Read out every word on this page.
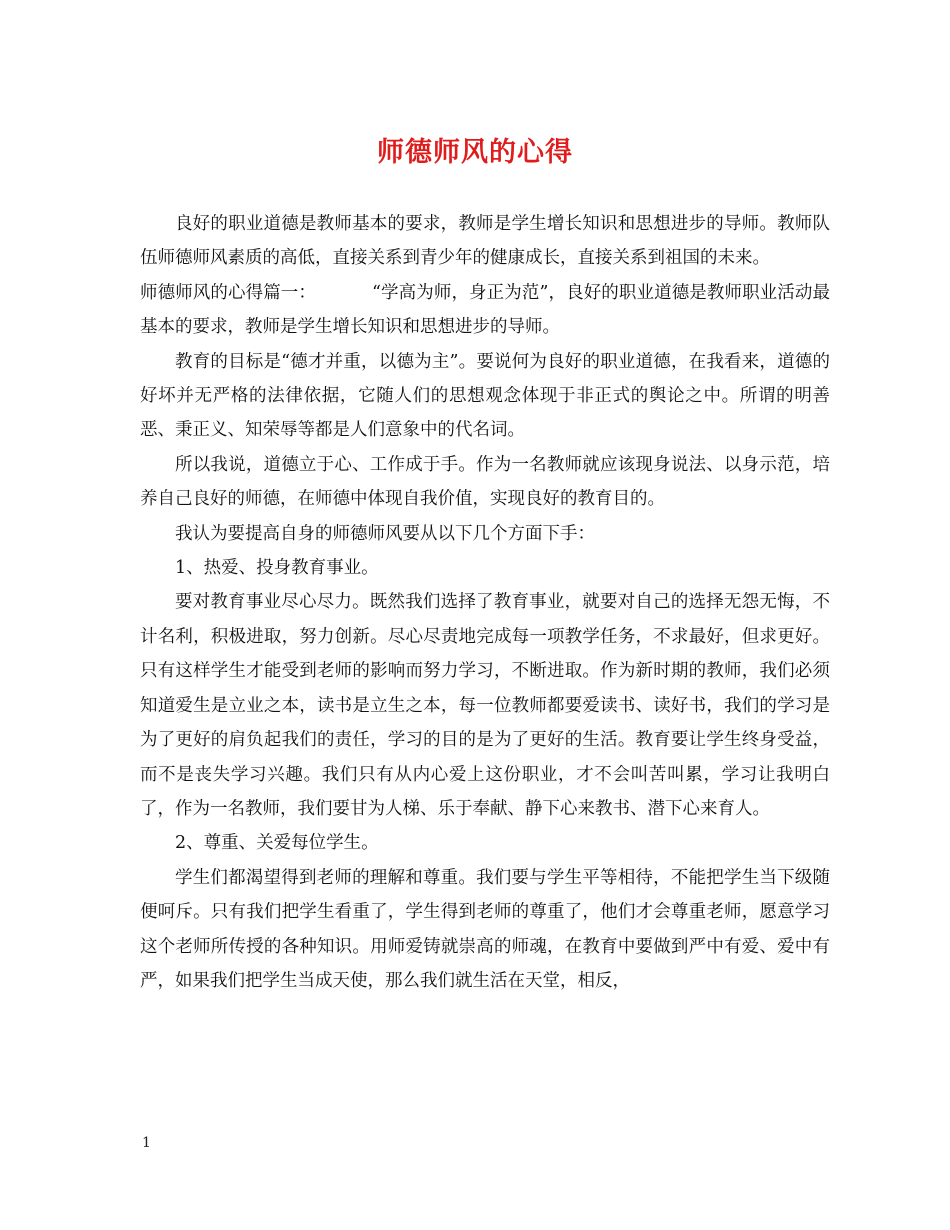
师德师风的心得

良好的职业道德是教师基本的要求，教师是学生增长知识和思想进步的导师。教师队伍师德师风素质的高低，直接关系到青少年的健康成长，直接关系到祖国的未来。

师德师风的心得篇一：	“学高为师，身正为范”，良好的职业道德是教师职业活动最基本的要求，教师是学生增长知识和思想进步的导师。

教育的目标是“德才并重，以德为主”。要说何为良好的职业道德，在我看来，道德的好坏并无严格的法律依据，它随人们的思想观念体现于非正式的舆论之中。所谓的明善恶、秉正义、知荣辱等都是人们意象中的代名词。

所以我说，道德立于心、工作成于手。作为一名教师就应该现身说法、以身示范，培养自己良好的师德，在师德中体现自我价值，实现良好的教育目的。

我认为要提高自身的师德师风要从以下几个方面下手：

1、热爱、投身教育事业。

要对教育事业尽心尽力。既然我们选择了教育事业，就要对自己的选择无怨无悔，不计名利，积极进取，努力创新。尽心尽责地完成每一项教学任务，不求最好，但求更好。只有这样学生才能受到老师的影响而努力学习，不断进取。作为新时期的教师，我们必须知道爱生是立业之本，读书是立生之本，每一位教师都要爱读书、读好书，我们的学习是为了更好的肩负起我们的责任，学习的目的是为了更好的生活。教育要让学生终身受益，而不是丧失学习兴趣。我们只有从内心爱上这份职业，才不会叫苦叫累，学习让我明白了，作为一名教师，我们要甘为人梯、乐于奉献、静下心来教书、潜下心来育人。

2、尊重、关爱每位学生。

学生们都渴望得到老师的理解和尊重。我们要与学生平等相待，不能把学生当下级随便呵斥。只有我们把学生看重了，学生得到老师的尊重了，他们才会尊重老师，愿意学习这个老师所传授的各种知识。用师爱铸就崇高的师魂，在教育中要做到严中有爱、爱中有严，如果我们把学生当成天使，那么我们就生活在天堂，相反，

1
